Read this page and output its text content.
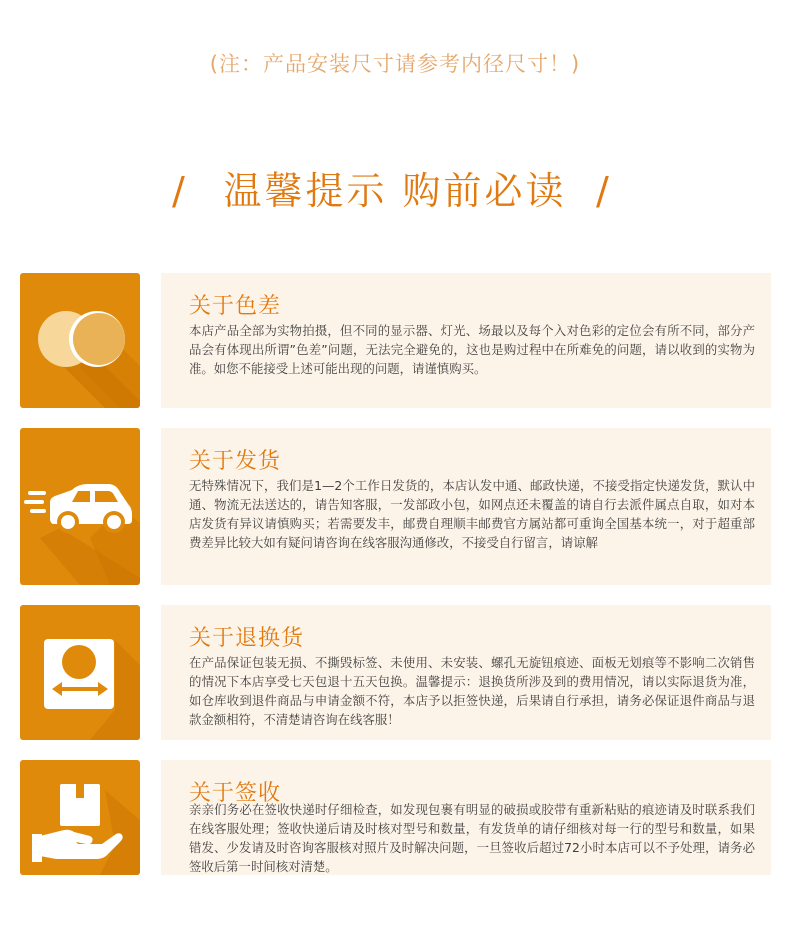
(注：产品安装尺寸请参考内径尺寸！)
/ 温馨提示 购前必读 /
关于色差
本店产品全部为实物拍摄，但不同的显示器、灯光、场最以及每个入对色彩的定位会有所不同，部分产品会有体现出所谓”色差”问题，无法完全避免的，这也是购过程中在所难免的问题，请以收到的实物为准。如您不能接受上述可能出现的问题，请谨慎购买。
关于发货
无特殊情况下，我们是1—2个工作日发货的，本店认发中通、邮政快递，不接受指定快递发货，默认中通、物流无法送达的，请告知客服，一发部政小包，如网点还未覆盖的请自行去派件属点自取，如对本店发货有异议请慎购买；若需要发丰，邮费自理顺丰邮费官方属站都可重询全国基本统一，对于超重部费差异比较大如有疑问请咨询在线客服沟通修改，不接受自行留言，请谅解
关于退换货
在产品保证包装无损、不撕毁标签、未使用、未安装、螺孔无旋钮痕迹、面板无划痕等不影响二次销售的情况下本店享受七天包退十五天包换。温馨提示：退换货所涉及到的费用情况，请以实际退货为准，如仓库收到退件商品与申请金额不符，本店予以拒签快递，后果请自行承担，请务必保证退件商品与退款金额相符，不清楚请咨询在线客服！
关于签收
亲亲们务必在签收快递时仔细检查，如发现包裹有明显的破损或胶带有重新粘贴的痕迹请及时联系我们在线客服处理；签收快递后请及时核对型号和数量，有发货单的请仔细核对每一行的型号和数量，如果错发、少发请及时咨询客服核对照片及时解决问题，一旦签收后超过72小时本店可以不予处理，请务必签收后第一时间核对清楚。
